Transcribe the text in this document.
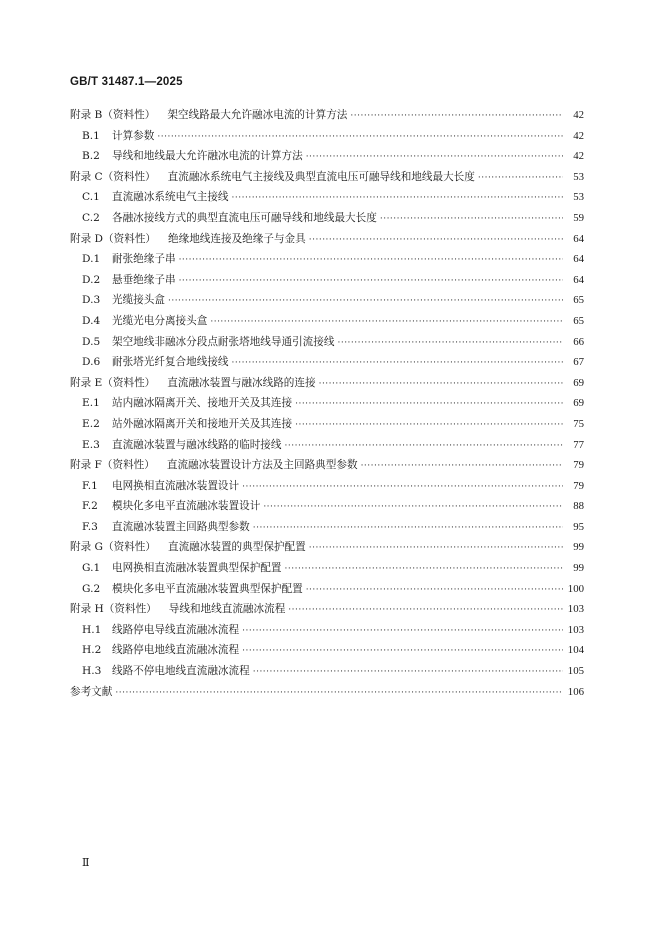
GB/T 31487.1—2025
附录 B（资料性） 架空线路最大允许融冰电流的计算方法 ·····	42
B.1	计算参数 ·····	42
B.2	导线和地线最大允许融冰电流的计算方法 ·····	42
附录 C（资料性） 直流融冰系统电气主接线及典型直流电压可融导线和地线最大长度 ·····	53
C.1	直流融冰系统电气主接线 ·····	53
C.2	各融冰接线方式的典型直流电压可融导线和地线最大长度 ·····	59
附录 D（资料性） 绝缘地线连接及绝缘子与金具 ·····	64
D.1	耐张绝缘子串 ·····	64
D.2	悬垂绝缘子串 ·····	64
D.3	光缆接头盒 ·····	65
D.4	光缆光电分离接头盒 ·····	65
D.5	架空地线非融冰分段点耐张塔地线导通引流接线 ·····	66
D.6	耐张塔光纤复合地线接线 ·····	67
附录 E（资料性） 直流融冰装置与融冰线路的连接 ·····	69
E.1	站内融冰隔离开关、接地开关及其连接 ·····	69
E.2	站外融冰隔离开关和接地开关及其连接 ·····	75
E.3	直流融冰装置与融冰线路的临时接线 ·····	77
附录 F（资料性） 直流融冰装置设计方法及主回路典型参数 ·····	79
F.1	电网换相直流融冰装置设计 ·····	79
F.2	模块化多电平直流融冰装置设计 ·····	88
F.3	直流融冰装置主回路典型参数 ·····	95
附录 G（资料性） 直流融冰装置的典型保护配置 ·····	99
G.1	电网换相直流融冰装置典型保护配置 ·····	99
G.2	模块化多电平直流融冰装置典型保护配置 ·····	100
附录 H（资料性） 导线和地线直流融冰流程 ·····	103
H.1	线路停电导线直流融冰流程 ·····	103
H.2	线路停电地线直流融冰流程 ·····	104
H.3	线路不停电地线直流融冰流程 ·····	105
参考文献 ·····	106
Ⅱ
